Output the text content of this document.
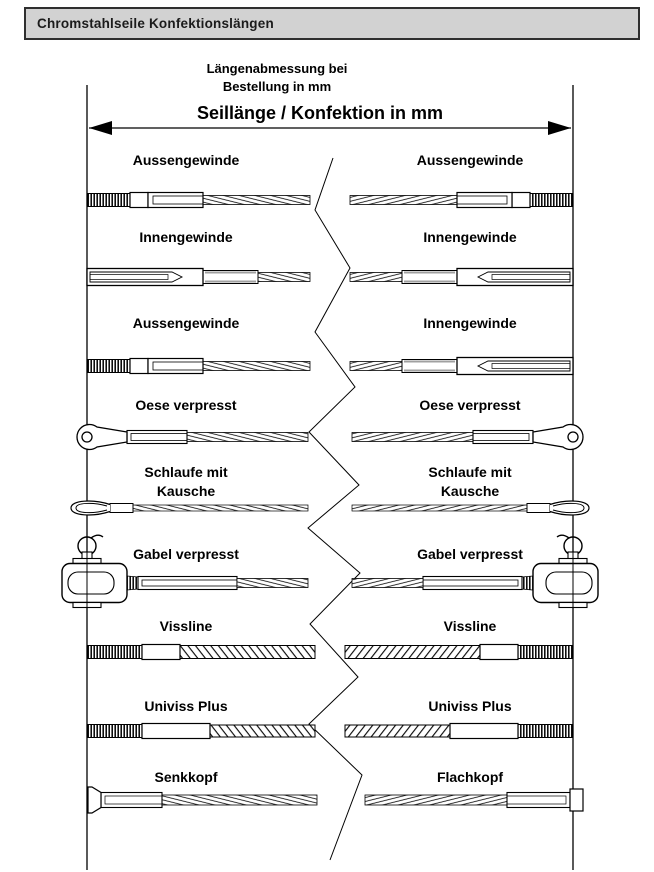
Chromstahlseile Konfektionslängen
Längenabmessung bei
Bestellung in mm
Seillänge / Konfektion in mm
Aussengewinde	Aussengewinde
Innengewinde	Innengewinde
Aussengewinde	Innengewinde
Oese verpresst	Oese verpresst
Schlaufe mit
Kausche
Schlaufe mit
Kausche
Gabel verpresst	Gabel verpresst
Vissline	Vissline
Univiss Plus	Univiss Plus
Senkkopf	Flachkopf
